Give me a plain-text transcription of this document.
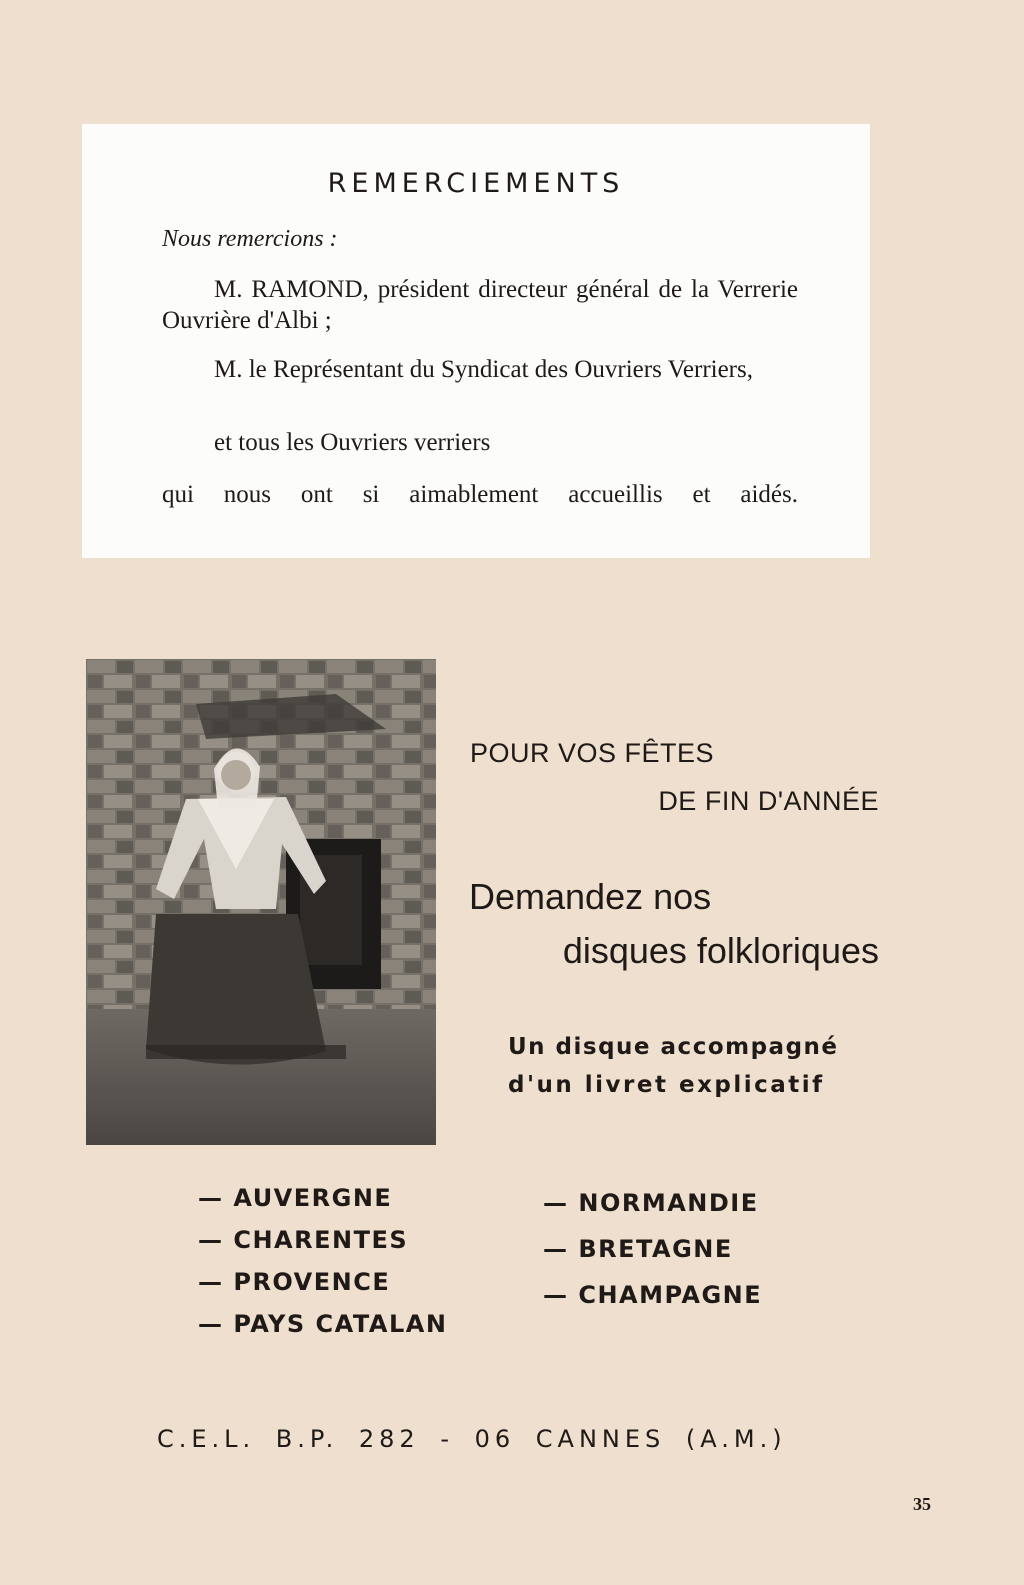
REMERCIEMENTS
Nous remercions :
M. RAMOND, président directeur général de la Verrerie Ouvrière d'Albi ;
M. le Représentant du Syndicat des Ouvriers Verriers,
et tous les Ouvriers verriers
qui nous ont si aimablement accueillis et aidés.
POUR VOS FÊTES
DE FIN D'ANNÉE
Demandez nos
disques folkloriques
Un disque accompagné
d'un livret explicatif
— AUVERGNE
— CHARENTES
— PROVENCE
— PAYS CATALAN
— NORMANDIE
— BRETAGNE
— CHAMPAGNE
C.E.L. B.P. 282 - 06 CANNES (A.M.)
35
